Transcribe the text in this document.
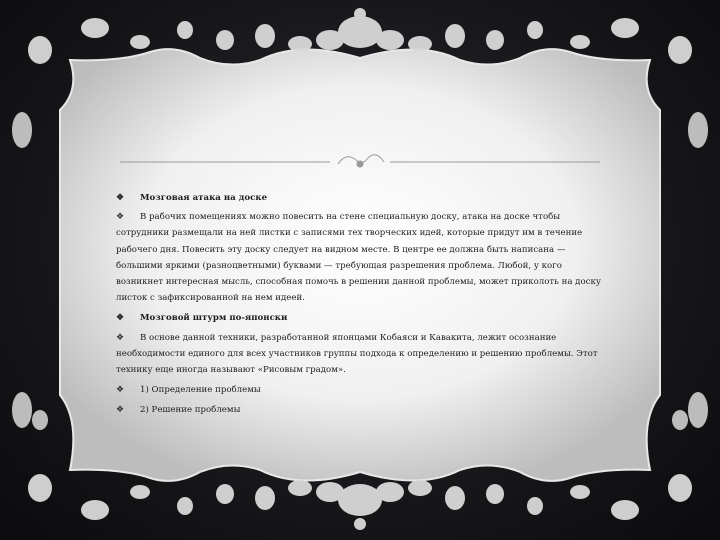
❖ Мозговая атака на доске
❖	В рабочих помещениях можно повесить на стене специальную доску, атака на доске чтобы сотрудники размещали на ней листки с записями тех творческих идей, которые придут им в течение рабочего дня. Повесить эту доску следует на видном месте. В центре ее должна быть написана — большими яркими (разноцветными) буквами — требующая разрешения проблема. Любой, у кого возникнет интересная мысль, способная помочь в решении данной проблемы, может приколоть на доску листок с зафиксированной на нем идеей.
❖ Мозговой штурм по-японски
❖	В основе данной техники, разработанной японцами Кобаяси и Кавакита, лежит осознание необходимости единого для всех участников группы подхода к определению и решению проблемы. Этот технику еще иногда называют «Рисовым градом».
❖ 1) Определение проблемы
❖ 2) Решение проблемы
